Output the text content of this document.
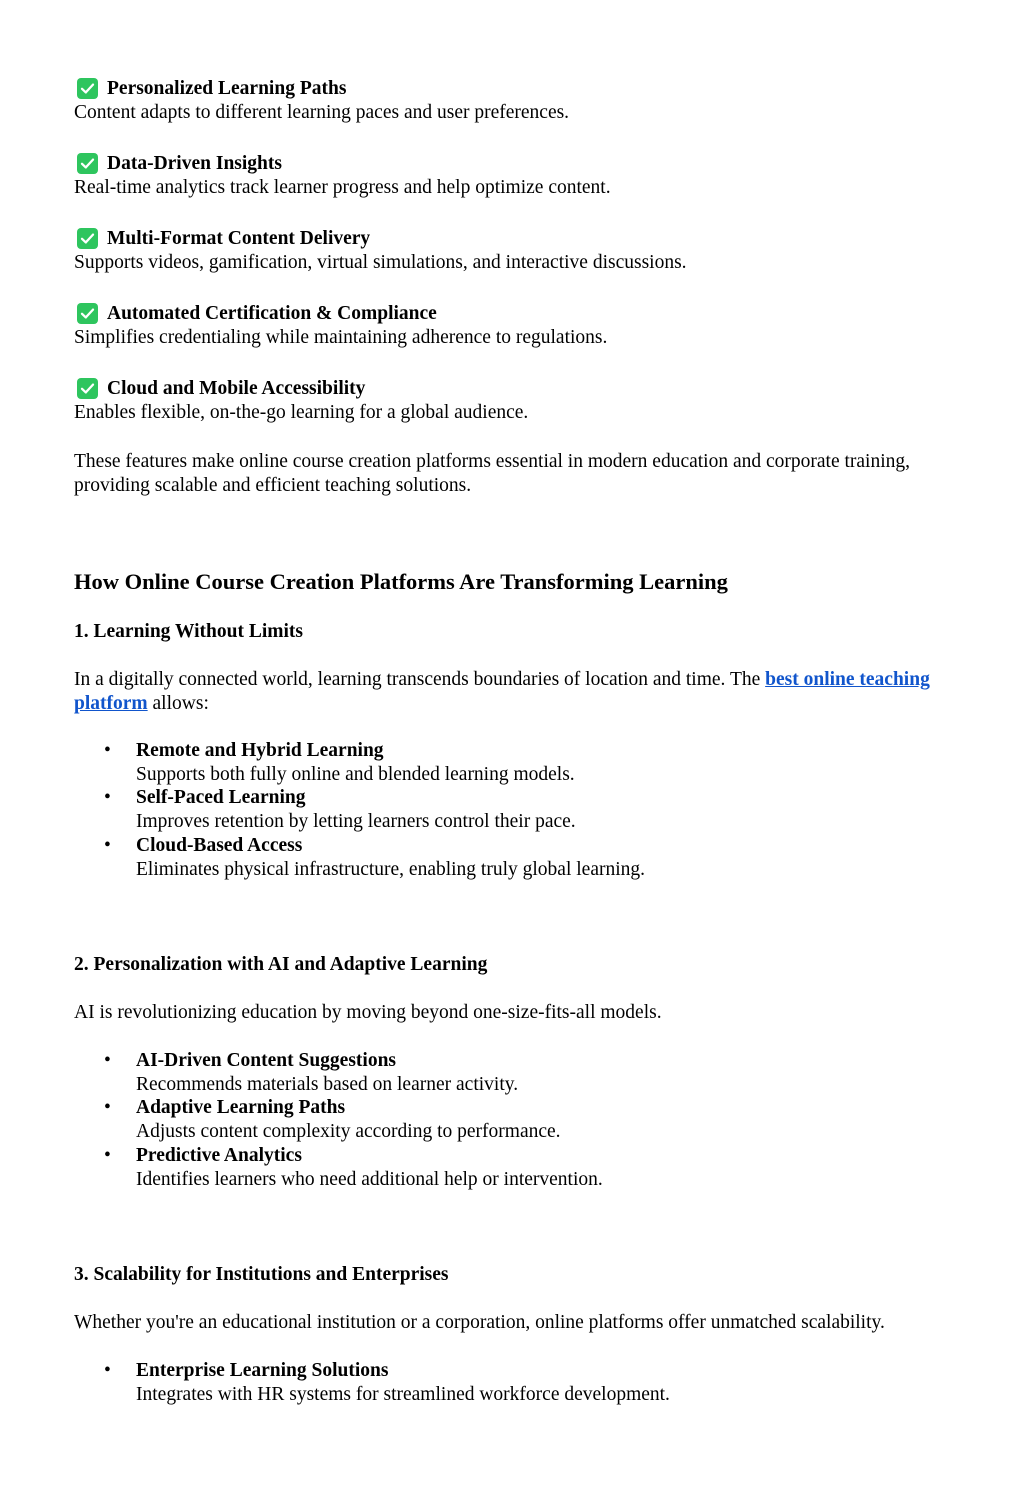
Personalized Learning Paths
Content adapts to different learning paces and user preferences.
Data-Driven Insights
Real-time analytics track learner progress and help optimize content.
Multi-Format Content Delivery
Supports videos, gamification, virtual simulations, and interactive discussions.
Automated Certification & Compliance
Simplifies credentialing while maintaining adherence to regulations.
Cloud and Mobile Accessibility
Enables flexible, on-the-go learning for a global audience.

These features make online course creation platforms essential in modern education and corporate training, providing scalable and efficient teaching solutions.

How Online Course Creation Platforms Are Transforming Learning
1. Learning Without Limits

In a digitally connected world, learning transcends boundaries of location and time. The best online teaching platform allows:

• Remote and Hybrid Learning
Supports both fully online and blended learning models.
• Self-Paced Learning
Improves retention by letting learners control their pace.
• Cloud-Based Access
Eliminates physical infrastructure, enabling truly global learning.
2. Personalization with AI and Adaptive Learning

AI is revolutionizing education by moving beyond one-size-fits-all models.

• AI-Driven Content Suggestions
Recommends materials based on learner activity.
• Adaptive Learning Paths
Adjusts content complexity according to performance.
• Predictive Analytics
Identifies learners who need additional help or intervention.
3. Scalability for Institutions and Enterprises

Whether you're an educational institution or a corporation, online platforms offer unmatched scalability.

• Enterprise Learning Solutions
Integrates with HR systems for streamlined workforce development.
